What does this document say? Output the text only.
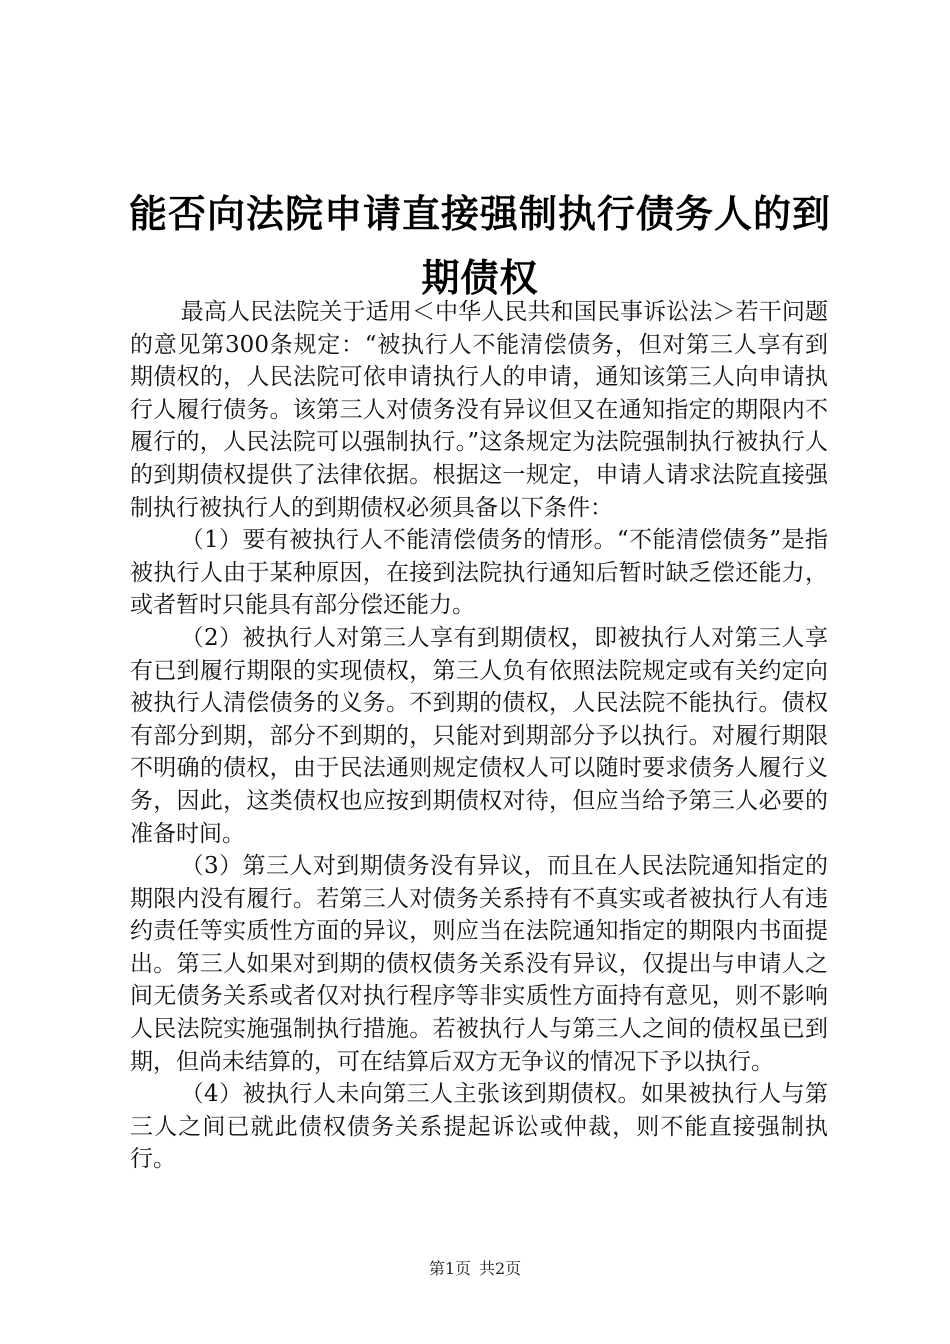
能否向法院申请直接强制执行债务人的到期债权

最高人民法院关于适用＜中华人民共和国民事诉讼法＞若干问题的意见第300条规定：“被执行人不能清偿债务，但对第三人享有到期债权的，人民法院可依申请执行人的申请，通知该第三人向申请执行人履行债务。该第三人对债务没有异议但又在通知指定的期限内不履行的，人民法院可以强制执行。”这条规定为法院强制执行被执行人的到期债权提供了法律依据。根据这一规定，申请人请求法院直接强制执行被执行人的到期债权必须具备以下条件：

（1）要有被执行人不能清偿债务的情形。“不能清偿债务”是指被执行人由于某种原因，在接到法院执行通知后暂时缺乏偿还能力，或者暂时只能具有部分偿还能力。

（2）被执行人对第三人享有到期债权，即被执行人对第三人享有已到履行期限的实现债权，第三人负有依照法院规定或有关约定向被执行人清偿债务的义务。不到期的债权，人民法院不能执行。债权有部分到期，部分不到期的，只能对到期部分予以执行。对履行期限不明确的债权，由于民法通则规定债权人可以随时要求债务人履行义务，因此，这类债权也应按到期债权对待，但应当给予第三人必要的准备时间。

（3）第三人对到期债务没有异议，而且在人民法院通知指定的期限内没有履行。若第三人对债务关系持有不真实或者被执行人有违约责任等实质性方面的异议，则应当在法院通知指定的期限内书面提出。第三人如果对到期的债权债务关系没有异议，仅提出与申请人之间无债务关系或者仅对执行程序等非实质性方面持有意见，则不影响人民法院实施强制执行措施。若被执行人与第三人之间的债权虽已到期，但尚未结算的，可在结算后双方无争议的情况下予以执行。

（4）被执行人未向第三人主张该到期债权。如果被执行人与第三人之间已就此债权债务关系提起诉讼或仲裁，则不能直接强制执行。

第1页 共2页
